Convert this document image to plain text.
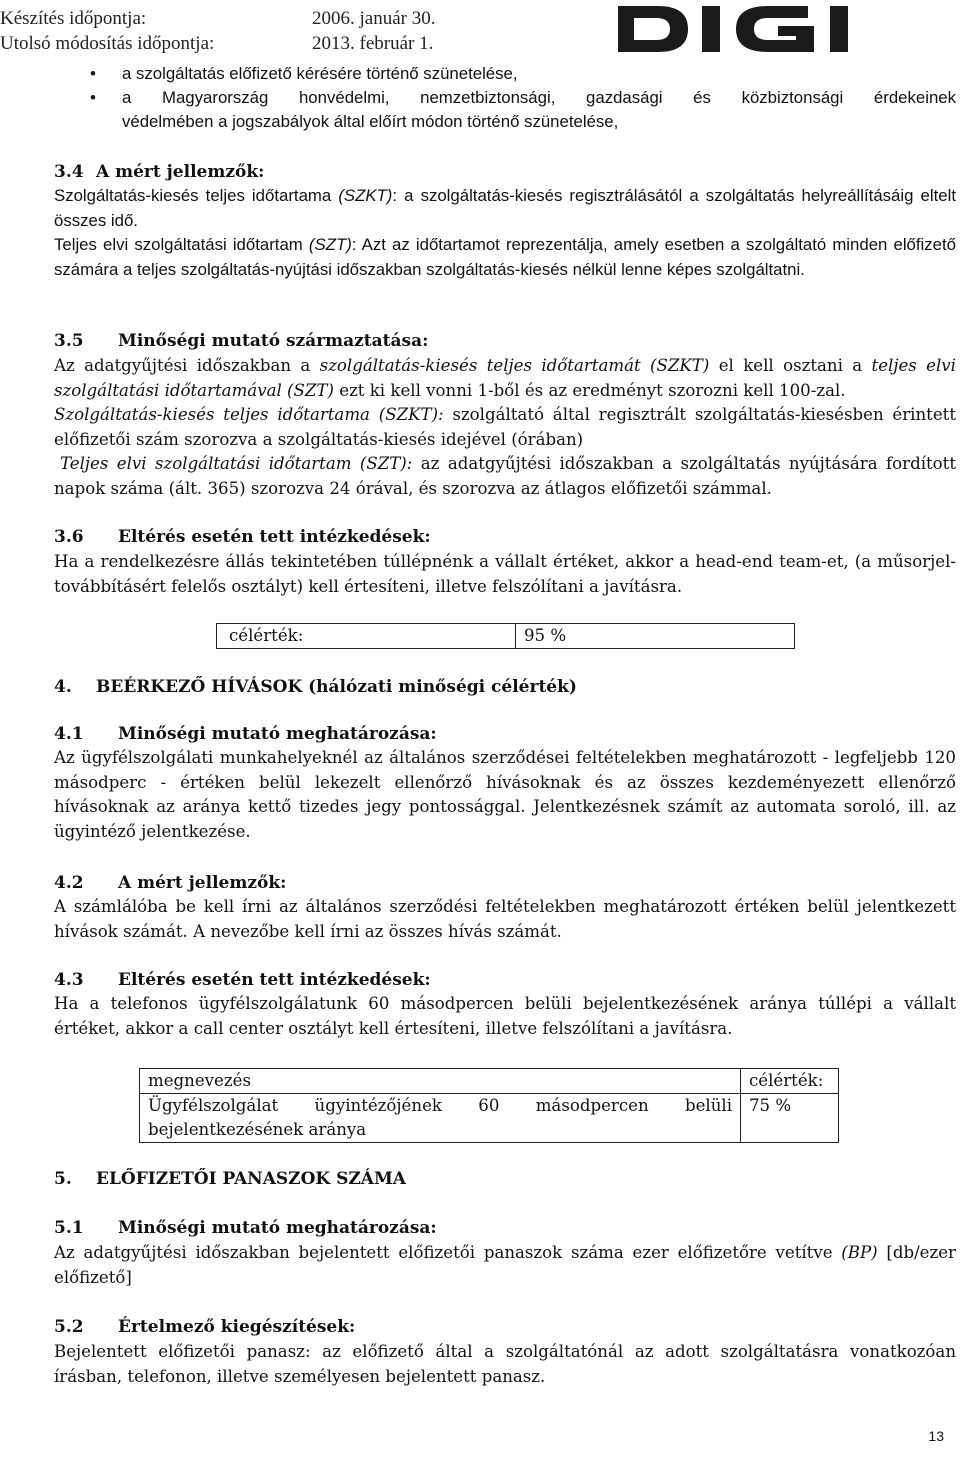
Készítés időpontja:	2006. január 30.
Utolsó módosítás időpontja:	2013. február 1.
• a szolgáltatás előfizető kérésére történő szünetelése,
• a Magyarország honvédelmi, nemzetbiztonsági, gazdasági és közbiztonsági érdekeinek
védelmében a jogszabályok által előírt módon történő szünetelése,
3.4 A mért jellemzők:
Szolgáltatás-kiesés teljes időtartama (SZKT): a szolgáltatás-kiesés regisztrálásától a szolgáltatás helyreállításáig eltelt összes idő.
Teljes elvi szolgáltatási időtartam (SZT): Azt az időtartamot reprezentálja, amely esetben a szolgáltató minden előfizető számára a teljes szolgáltatás-nyújtási időszakban szolgáltatás-kiesés nélkül lenne képes szolgáltatni.
3.5 Minőségi mutató származtatása:
Az adatgyűjtési időszakban a szolgáltatás-kiesés teljes időtartamát (SZKT) el kell osztani a teljes elvi szolgáltatási időtartamával (SZT) ezt ki kell vonni 1-ből és az eredményt szorozni kell 100-zal.
Szolgáltatás-kiesés teljes időtartama (SZKT): szolgáltató által regisztrált szolgáltatás-kiesésben érintett előfizetői szám szorozva a szolgáltatás-kiesés idejével (órában)
Teljes elvi szolgáltatási időtartam (SZT): az adatgyűjtési időszakban a szolgáltatás nyújtására fordított napok száma (ált. 365) szorozva 24 órával, és szorozva az átlagos előfizetői számmal.
3.6 Eltérés esetén tett intézkedések:
Ha a rendelkezésre állás tekintetében túllépnénk a vállalt értéket, akkor a head-end team-et, (a műsorjel-továbbításért felelős osztályt) kell értesíteni, illetve felszólítani a javításra.
célérték:	95 %
4. BEÉRKEZŐ HÍVÁSOK (hálózati minőségi célérték)
4.1 Minőségi mutató meghatározása:
Az ügyfélszolgálati munkahelyeknél az általános szerződései feltételekben meghatározott - legfeljebb 120 másodperc - értéken belül lekezelt ellenőrző hívásoknak és az összes kezdeményezett ellenőrző hívásoknak az aránya kettő tizedes jegy pontossággal. Jelentkezésnek számít az automata soroló, ill. az ügyintéző jelentkezése.
4.2 A mért jellemzők:
A számlálóba be kell írni az általános szerződési feltételekben meghatározott értéken belül jelentkezett hívások számát. A nevezőbe kell írni az összes hívás számát.
4.3 Eltérés esetén tett intézkedések:
Ha a telefonos ügyfélszolgálatunk 60 másodpercen belüli bejelentkezésének aránya túllépi a vállalt értéket, akkor a call center osztályt kell értesíteni, illetve felszólítani a javításra.
megnevezés	célérték:

Ügyfélszolgálat ügyintézőjének 60 másodpercen belüli
bejelentkezésének aránya	75 %
5. ELŐFIZETŐI PANASZOK SZÁMA
5.1 Minőségi mutató meghatározása:
Az adatgyűjtési időszakban bejelentett előfizetői panaszok száma ezer előfizetőre vetítve (BP) [db/ezer előfizető]
5.2 Értelmező kiegészítések:
Bejelentett előfizetői panasz: az előfizető által a szolgáltatónál az adott szolgáltatásra vonatkozóan írásban, telefonon, illetve személyesen bejelentett panasz.
13
